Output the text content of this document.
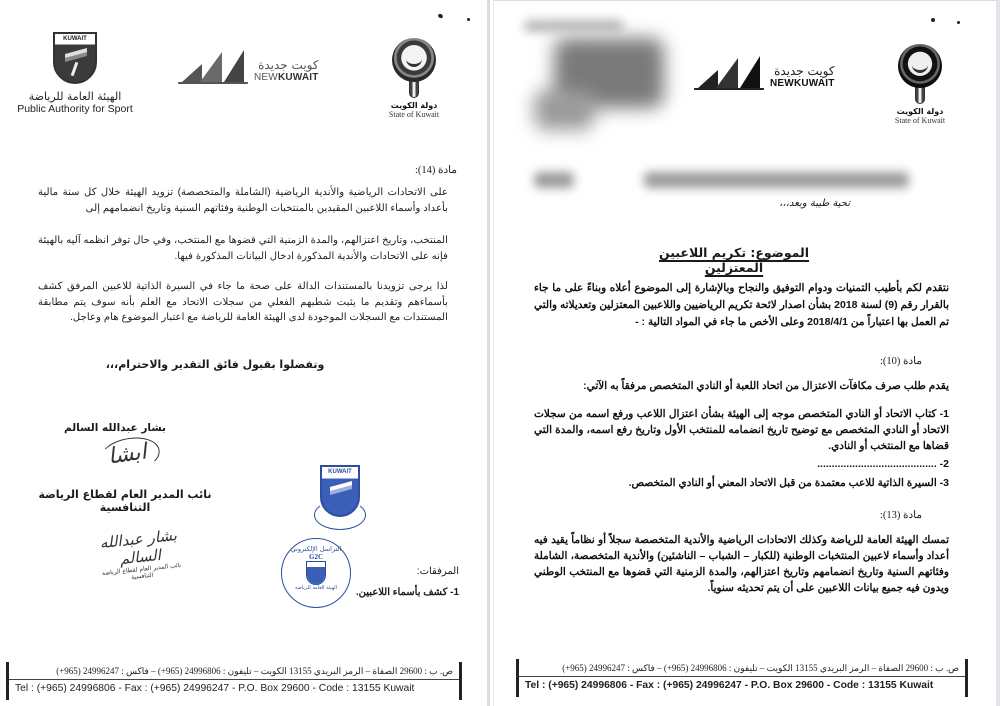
KUWAIT
الهيئة العامة للرياضة
Public Authority for Sport
كويت جديدة
NEWKUWAIT
دولة الكويت
State of Kuwait
مادة (14):
على الاتحادات الرياضية والأندية الرياضية (الشاملة والمتخصصة) تزويد الهيئة خلال كل سنة مالية بأعداد وأسماء اللاعبين المقيدين بالمنتخبات الوطنية وفئاتهم السنية وتاريخ انضمامهم إلى
المنتخب، وتاريخ اعتزالهم، والمدة الزمنية التي قضوها مع المنتخب، وفي حال توفر انظمه آليه بالهيئة فإنه على الاتحادات والأندية المذكورة ادخال البيانات المذكورة فيها.
لذا يرجى تزويدنا بالمستندات الدالة على صحة ما جاء في السيرة الذاتية للاعبين المرفق كشف بأسماءهم وتقديم ما يثبت شطبهم الفعلي من سجلات الاتحاد مع العلم بأنه سوف يتم مطابقة المستندات مع السجلات الموجودة لدى الهيئة العامة للرياضة مع اعتبار الموضوع هام وعاجل.
وتفضلوا بقبول فائق التقدير والاحترام،،،
بشار عبدالله السالم
ابشا
نائب المدير العام لقطاع الرياضة التنافسية
بشار عبدالله السالم
نائب المدير العام لقطاع الرياضة التنافسية
KUWAIT
التراسل الإلكتروني
G2C
الهيئة العامة للرياضة
المرفقات:
1- كشف بأسماء اللاعبين.
ص. ب : 29600 الصفاة – الرمز البريدي 13155 الكويت – تليفون : 24996806 (965+) – فاكس : 24996247 (965+)
Tel : (+965) 24996806 - Fax : (+965) 24996247 - P.O. Box 29600 - Code : 13155 Kuwait
كويت جديدة
NEWKUWAIT
دولة الكويت
State of Kuwait
تحية طيبة وبعد،،،
الموضوع: تكريم اللاعبين المعتزلين
نتقدم لكم بأطيب التمنيات ودوام التوفيق والنجاح وبالإشارة إلى الموضوع أعلاه وبناءً على ما جاء بالقرار رقم (9) لسنة 2018 بشأن اصدار لائحة تكريم الرياضيين واللاعبين المعتزلين وتعديلاته والتي تم العمل بها اعتباراً من 2018/4/1 وعلى الأخص ما جاء في المواد التالية : -
مادة (10):
يقدم طلب صرف مكافآت الاعتزال من اتحاد اللعبة أو النادي المتخصص مرفقاً به الآتي:
1- كتاب الاتحاد أو النادي المتخصص موجه إلى الهيئة بشأن اعتزال اللاعب ورفع اسمه من سجلات الاتحاد أو النادي المتخصص مع توضيح تاريخ انضمامه للمنتخب الأول وتاريخ رفع اسمه، والمدة التي قضاها مع المنتخب أو النادي.
2- .........................................
3- السيرة الذاتية للاعب معتمدة من قبل الاتحاد المعني أو النادي المتخصص.
مادة (13):
تمسك الهيئة العامة للرياضة وكذلك الاتحادات الرياضية والأندية المتخصصة سجلاً أو نظاماً يقيد فيه أعداد وأسماء لاعبين المنتخبات الوطنية (للكبار – الشباب – الناشئين) والأندية المتخصصة، الشاملة وفئاتهم السنية وتاريخ انضمامهم وتاريخ اعتزالهم، والمدة الزمنية التي قضوها مع المنتخب الوطني ويدون فيه جميع بيانات اللاعبين على أن يتم تحديثه سنوياً.
ص. ب : 29600 الصفاة – الرمز البريدي 13155 الكويت – تليفون : 24996806 (965+) – فاكس : 24996247 (965+)
Tel : (+965) 24996806 - Fax : (+965) 24996247 - P.O. Box 29600 - Code : 13155 Kuwait
